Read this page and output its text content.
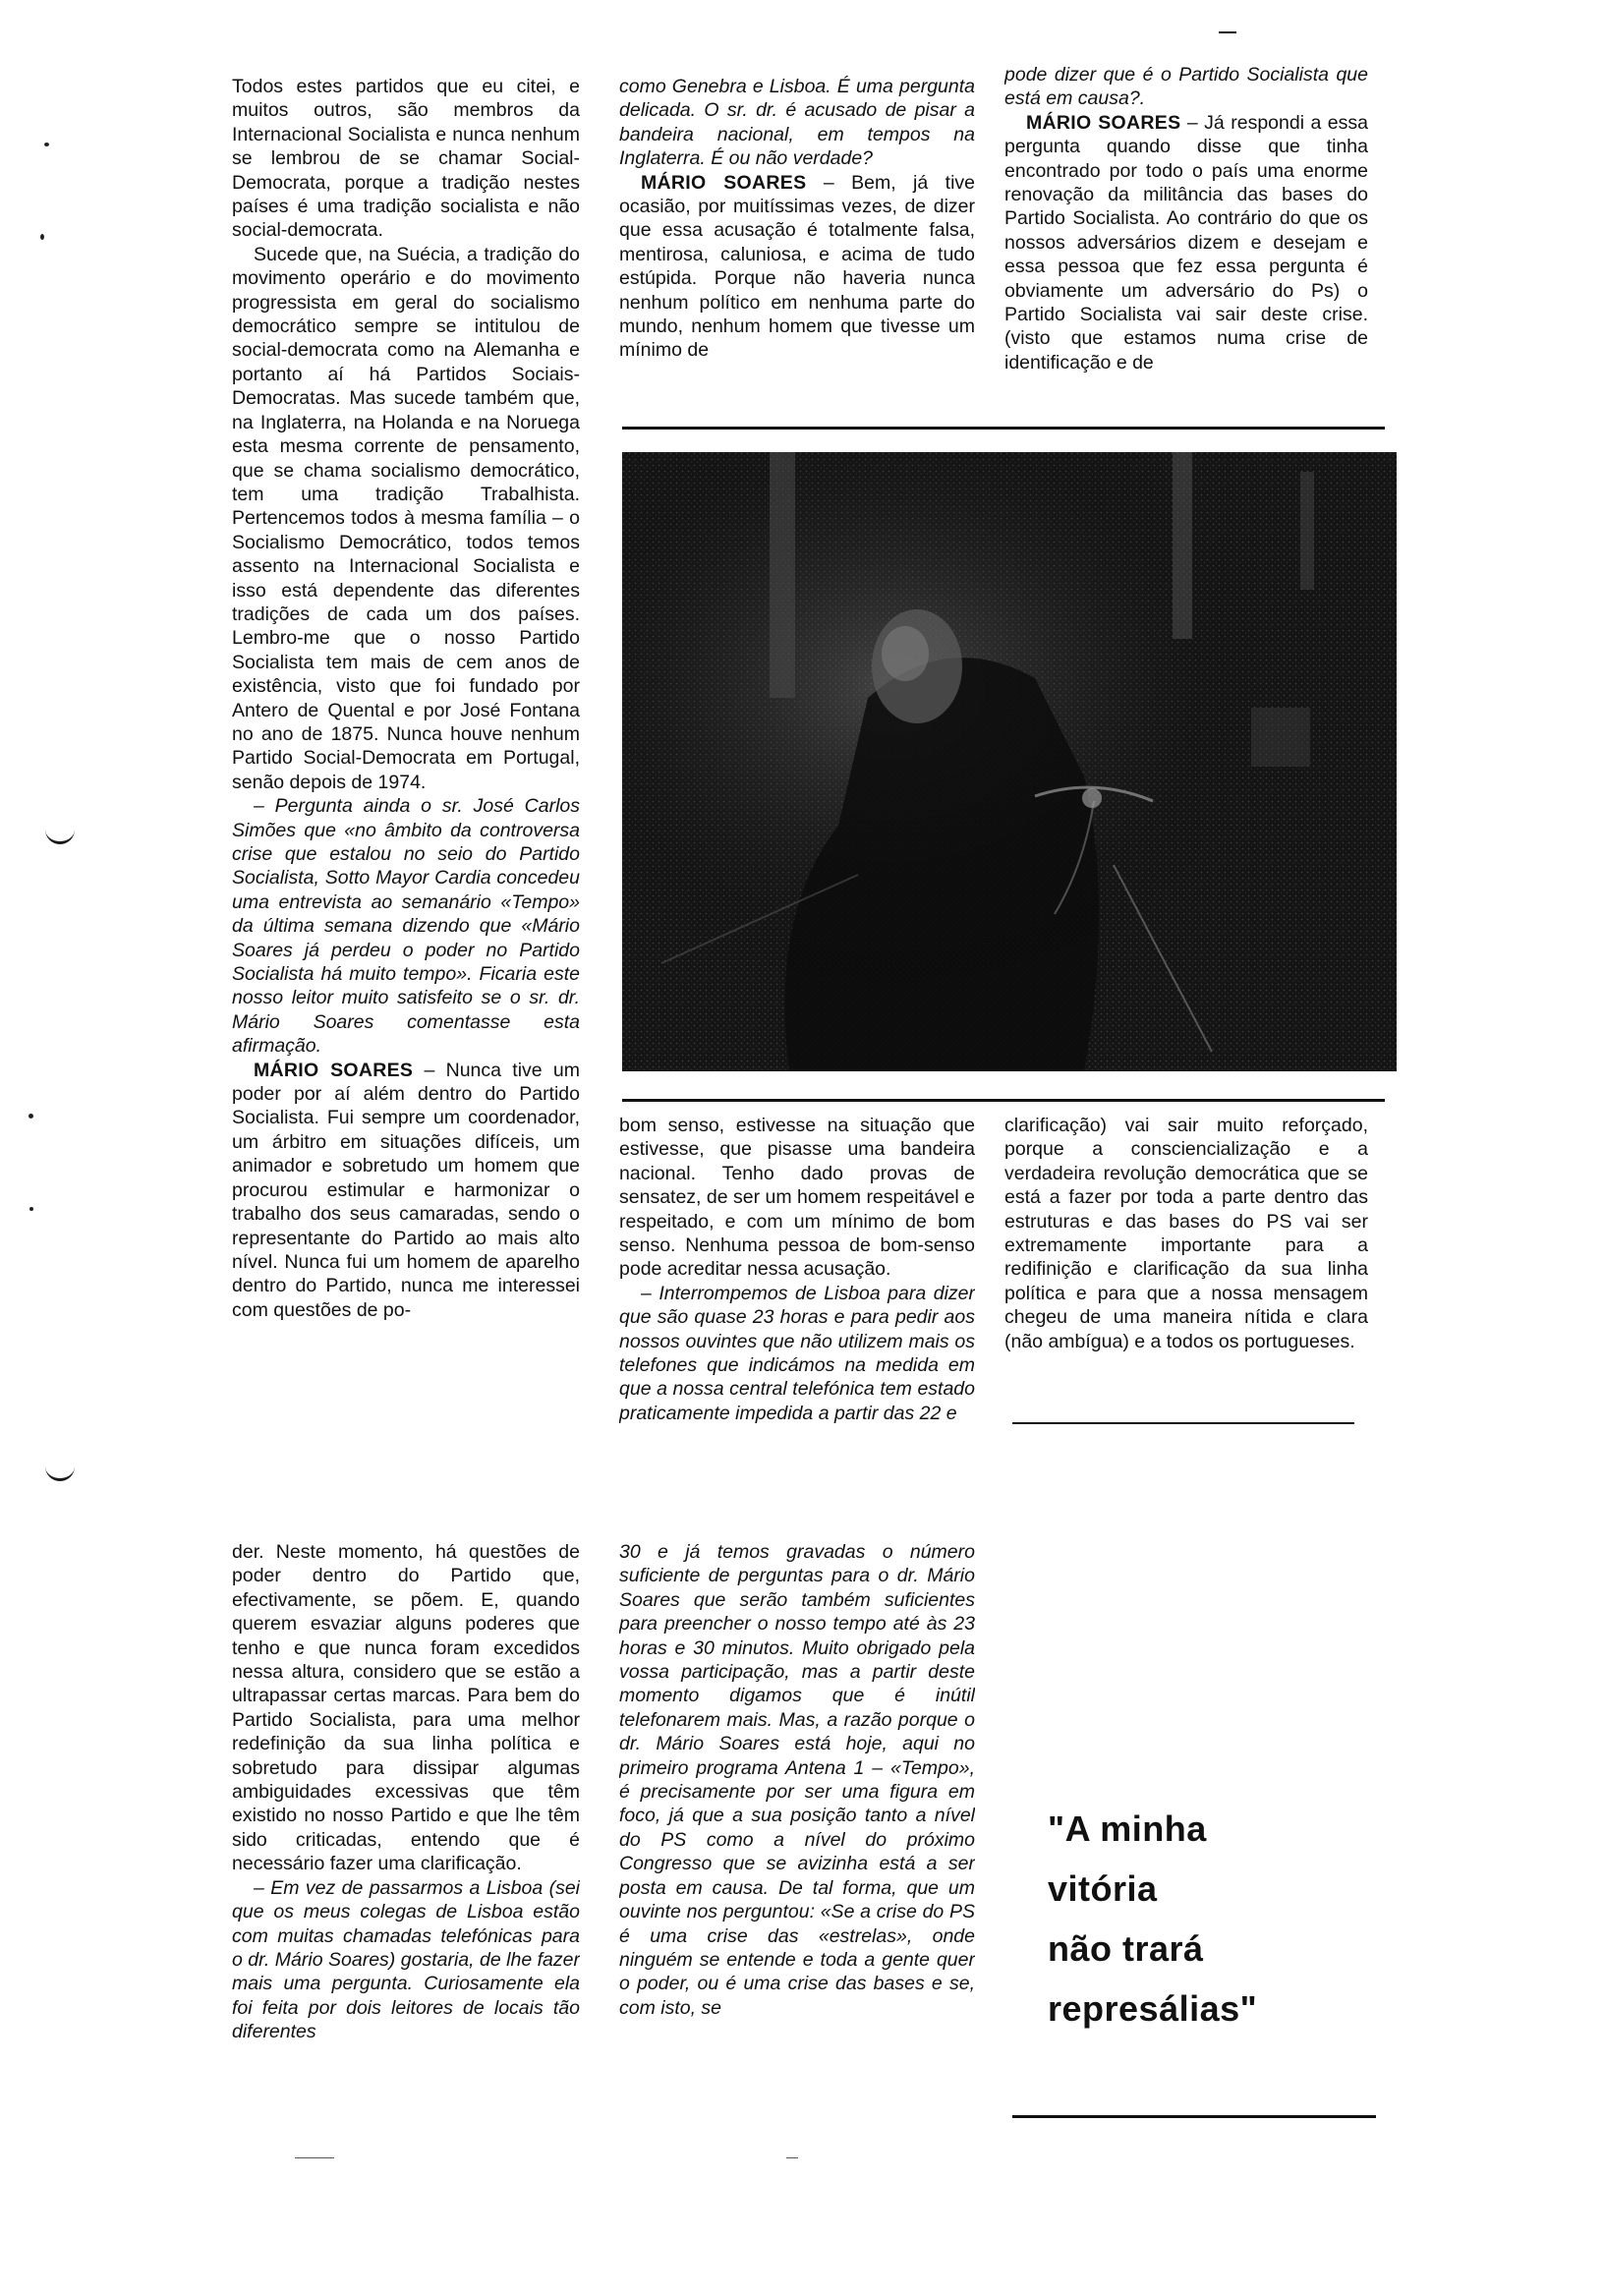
Todos estes partidos que eu citei, e muitos outros, são membros da Internacional Socialista e nunca nenhum se lembrou de se chamar Social-Democrata, porque a tradição nestes países é uma tradição socialista e não social-democrata.

Sucede que, na Suécia, a tradição do movimento operário e do movimento progressista em geral do socialismo democrático sempre se intitulou de social-democrata como na Alemanha e portanto aí há Partidos Sociais-Democratas. Mas sucede também que, na Inglaterra, na Holanda e na Noruega esta mesma corrente de pensamento, que se chama socialismo democrático, tem uma tradição Trabalhista. Pertencemos todos à mesma família – o Socialismo Democrático, todos temos assento na Internacional Socialista e isso está dependente das diferentes tradições de cada um dos países. Lembro-me que o nosso Partido Socialista tem mais de cem anos de existência, visto que foi fundado por Antero de Quental e por José Fontana no ano de 1875. Nunca houve nenhum Partido Social-Democrata em Portugal, senão depois de 1974.

– Pergunta ainda o sr. José Carlos Simões que «no âmbito da controversa crise que estalou no seio do Partido Socialista, Sotto Mayor Cardia concedeu uma entrevista ao semanário «Tempo» da última semana dizendo que «Mário Soares já perdeu o poder no Partido Socialista há muito tempo». Ficaria este nosso leitor muito satisfeito se o sr. dr. Mário Soares comentasse esta afirmação.

MÁRIO SOARES – Nunca tive um poder por aí além dentro do Partido Socialista. Fui sempre um coordenador, um árbitro em situações difíceis, um animador e sobretudo um homem que procurou estimular e harmonizar o trabalho dos seus camaradas, sendo o representante do Partido ao mais alto nível. Nunca fui um homem de aparelho dentro do Partido, nunca me interessei com questões de po-

der. Neste momento, há questões de poder dentro do Partido que, efectivamente, se põem. E, quando querem esvaziar alguns poderes que tenho e que nunca foram excedidos nessa altura, considero que se estão a ultrapassar certas marcas. Para bem do Partido Socialista, para uma melhor redefinição da sua linha política e sobretudo para dissipar algumas ambiguidades excessivas que têm existido no nosso Partido e que lhe têm sido criticadas, entendo que é necessário fazer uma clarificação.

– Em vez de passarmos a Lisboa (sei que os meus colegas de Lisboa estão com muitas chamadas telefónicas para o dr. Mário Soares) gostaria, de lhe fazer mais uma pergunta. Curiosamente ela foi feita por dois leitores de locais tão diferentes

como Genebra e Lisboa. É uma pergunta delicada. O sr. dr. é acusado de pisar a bandeira nacional, em tempos na Inglaterra. É ou não verdade?

MÁRIO SOARES – Bem, já tive ocasião, por muitíssimas vezes, de dizer que essa acusação é totalmente falsa, mentirosa, caluniosa, e acima de tudo estúpida. Porque não haveria nunca nenhum político em nenhuma parte do mundo, nenhum homem que tivesse um mínimo de

pode dizer que é o Partido Socialista que está em causa?.

MÁRIO SOARES – Já respondi a essa pergunta quando disse que tinha encontrado por todo o país uma enorme renovação da militância das bases do Partido Socialista. Ao contrário do que os nossos adversários dizem e desejam e essa pessoa que fez essa pergunta é obviamente um adversário do Ps) o Partido Socialista vai sair deste crise. (visto que estamos numa crise de identificação e de

bom senso, estivesse na situação que estivesse, que pisasse uma bandeira nacional. Tenho dado provas de sensatez, de ser um homem respeitável e respeitado, e com um mínimo de bom senso. Nenhuma pessoa de bom-senso pode acreditar nessa acusação.

– Interrompemos de Lisboa para dizer que são quase 23 horas e para pedir aos nossos ouvintes que não utilizem mais os telefones que indicámos na medida em que a nossa central telefónica tem estado praticamente impedida a partir das 22 e

30 e já temos gravadas o número suficiente de perguntas para o dr. Mário Soares que serão também suficientes para preencher o nosso tempo até às 23 horas e 30 minutos. Muito obrigado pela vossa participação, mas a partir deste momento digamos que é inútil telefonarem mais. Mas, a razão porque o dr. Mário Soares está hoje, aqui no primeiro programa Antena 1 – «Tempo», é precisamente por ser uma figura em foco, já que a sua posição tanto a nível do PS como a nível do próximo Congresso que se avizinha está a ser posta em causa. De tal forma, que um ouvinte nos perguntou: «Se a crise do PS é uma crise das «estrelas», onde ninguém se entende e toda a gente quer o poder, ou é uma crise das bases e se, com isto, se

clarificação) vai sair muito reforçado, porque a consciencialização e a verdadeira revolução democrática que se está a fazer por toda a parte dentro das estruturas e das bases do PS vai ser extremamente importante para a redifinição e clarificação da sua linha política e para que a nossa mensagem chegeu de uma maneira nítida e clara (não ambígua) e a todos os portugueses.

"A minha
vitória
não trará
represálias"
